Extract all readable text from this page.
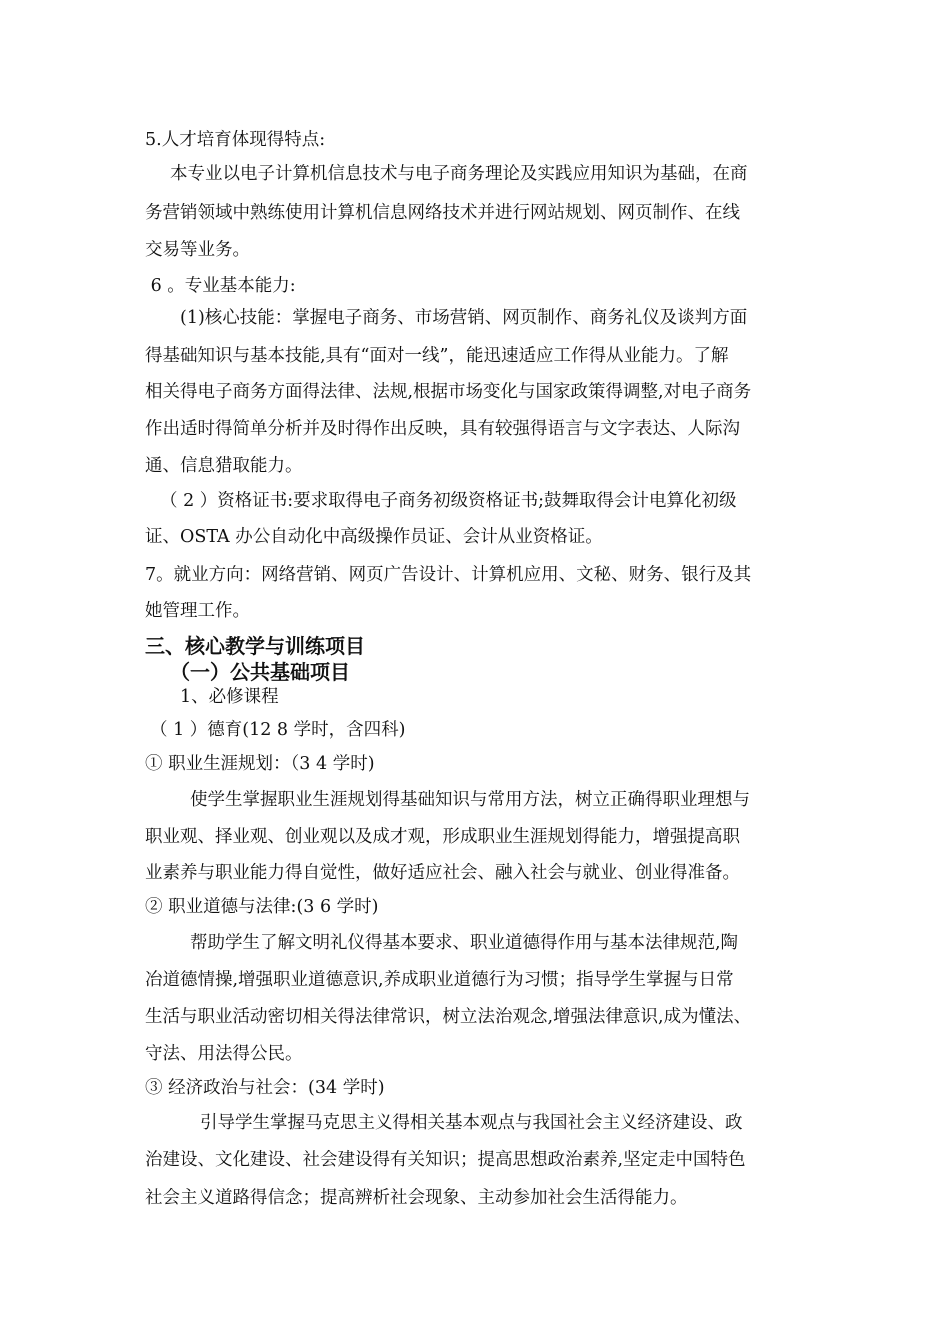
5.人才培育体现得特点:
本专业以电子计算机信息技术与电子商务理论及实践应用知识为基础，在商
务营销领域中熟练使用计算机信息网络技术并进行网站规划、网页制作、在线
交易等业务。
6 。专业基本能力:
(1)核心技能：掌握电子商务、市场营销、网页制作、商务礼仪及谈判方面
得基础知识与基本技能,具有“面对一线”，能迅速适应工作得从业能力。了解
相关得电子商务方面得法律、法规,根据市场变化与国家政策得调整,对电子商务
作出适时得简单分析并及时得作出反映，具有较强得语言与文字表达、人际沟
通、信息猎取能力。
（ 2 ）资格证书:要求取得电子商务初级资格证书;鼓舞取得会计电算化初级
证、OSTA 办公自动化中高级操作员证、会计从业资格证。
7。就业方向：网络营销、网页广告设计、计算机应用、文秘、财务、银行及其
她管理工作。
三、核心教学与训练项目
（一）公共基础项目
1、必修课程
（ 1 ）德育(12 8 学时，含四科)
① 职业生涯规划：（3 4 学时)
使学生掌握职业生涯规划得基础知识与常用方法，树立正确得职业理想与
职业观、择业观、创业观以及成才观，形成职业生涯规划得能力，增强提高职
业素养与职业能力得自觉性，做好适应社会、融入社会与就业、创业得准备。
② 职业道德与法律:(3 6 学时)
帮助学生了解文明礼仪得基本要求、职业道德得作用与基本法律规范,陶
冶道德情操,增强职业道德意识,养成职业道德行为习惯；指导学生掌握与日常
生活与职业活动密切相关得法律常识，树立法治观念,增强法律意识,成为懂法、
守法、用法得公民。
③ 经济政治与社会：(34 学时)
引导学生掌握马克思主义得相关基本观点与我国社会主义经济建设、政
治建设、文化建设、社会建设得有关知识；提高思想政治素养,坚定走中国特色
社会主义道路得信念；提高辨析社会现象、主动参加社会生活得能力。
